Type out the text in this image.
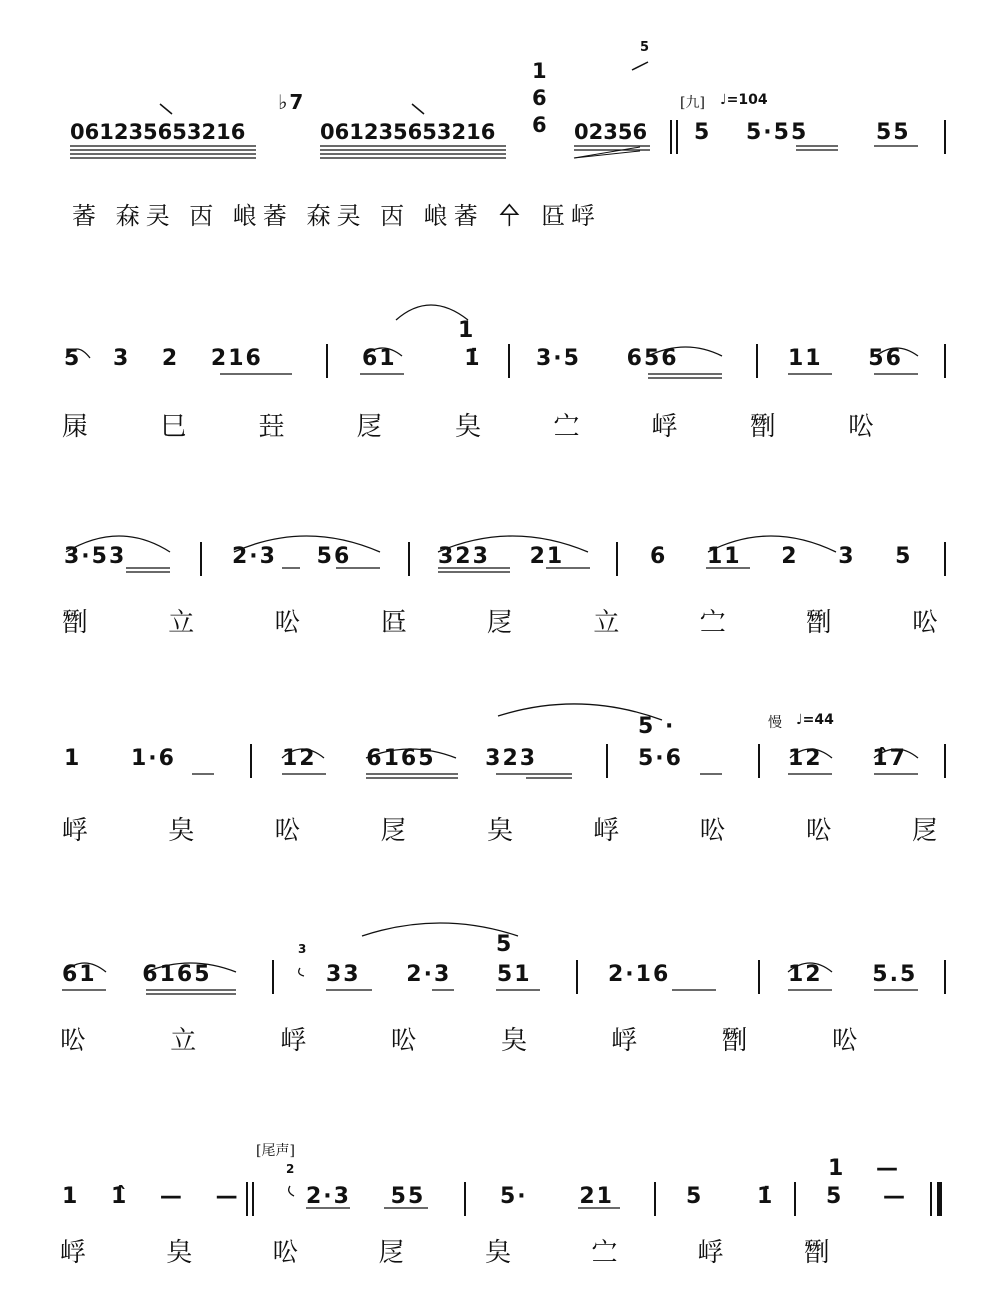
061235653216
♭7
061235653216
1
6
6 02356
5
[九] ♩=104
5 5·55	55
萫 㚞㚑 㐁 㟍萫 㚞㚑 㐁 㟍萫 㐃 㔯㟊
5 3 2 216	61 1̇
1
3·5 656	11 56
㞖 巳 㠭 㞏 㚖 㝉 㟊 㔆 㕬
3·53	2·3 56	323 21	6 11 2 3 5
㔆 立 㕬 㔯 㞏 立 㝉 㔆 㕬
1 1·6	12 6165 323	5·6
5 ·	慢 ♩=44
12 1̂7
㟊 㚖 㕬 㞏 㚖 㟊 㕬 㕬 㞏
61 6165
3
33 2·3 51
5
2·16	12 5.5
㕬 立 㟊 㕬 㚖 㟊 㔆 㕬
[尾声]
1 1̂ — —
2
2·3 55	5· 21	5 1̇ 5 —
1 —
㟊 㚖 㕬 㞏 㚖 㝉 㟊 㔆
